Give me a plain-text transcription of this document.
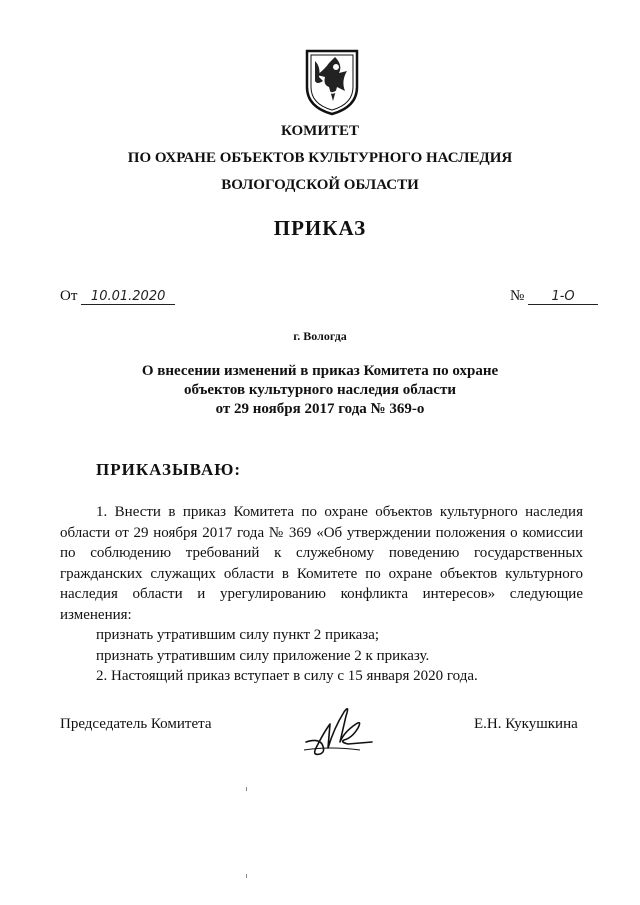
КОМИТЕТ
ПО ОХРАНЕ ОБЪЕКТОВ КУЛЬТУРНОГО НАСЛЕДИЯ
ВОЛОГОДСКОЙ ОБЛАСТИ
ПРИКАЗ
От 10.01.2020	№ 1-О
г. Вологда
О внесении изменений в приказ Комитета по охране
объектов культурного наследия области
от 29 ноября 2017 года № 369-о
ПРИКАЗЫВАЮ:

1. Внести в приказ Комитета по охране объектов культурного наследия области от 29 ноября 2017 года № 369 «Об утверждении положения о комиссии по соблюдению требований к служебному поведению государственных гражданских служащих области в Комитете по охране объектов культурного наследия области и урегулированию конфликта интересов» следующие изменения:

признать утратившим силу пункт 2 приказа;

признать утратившим силу приложение 2 к приказу.

2. Настоящий приказ вступает в силу с 15 января 2020 года.

Председатель Комитета	Е.Н. Кукушкина
